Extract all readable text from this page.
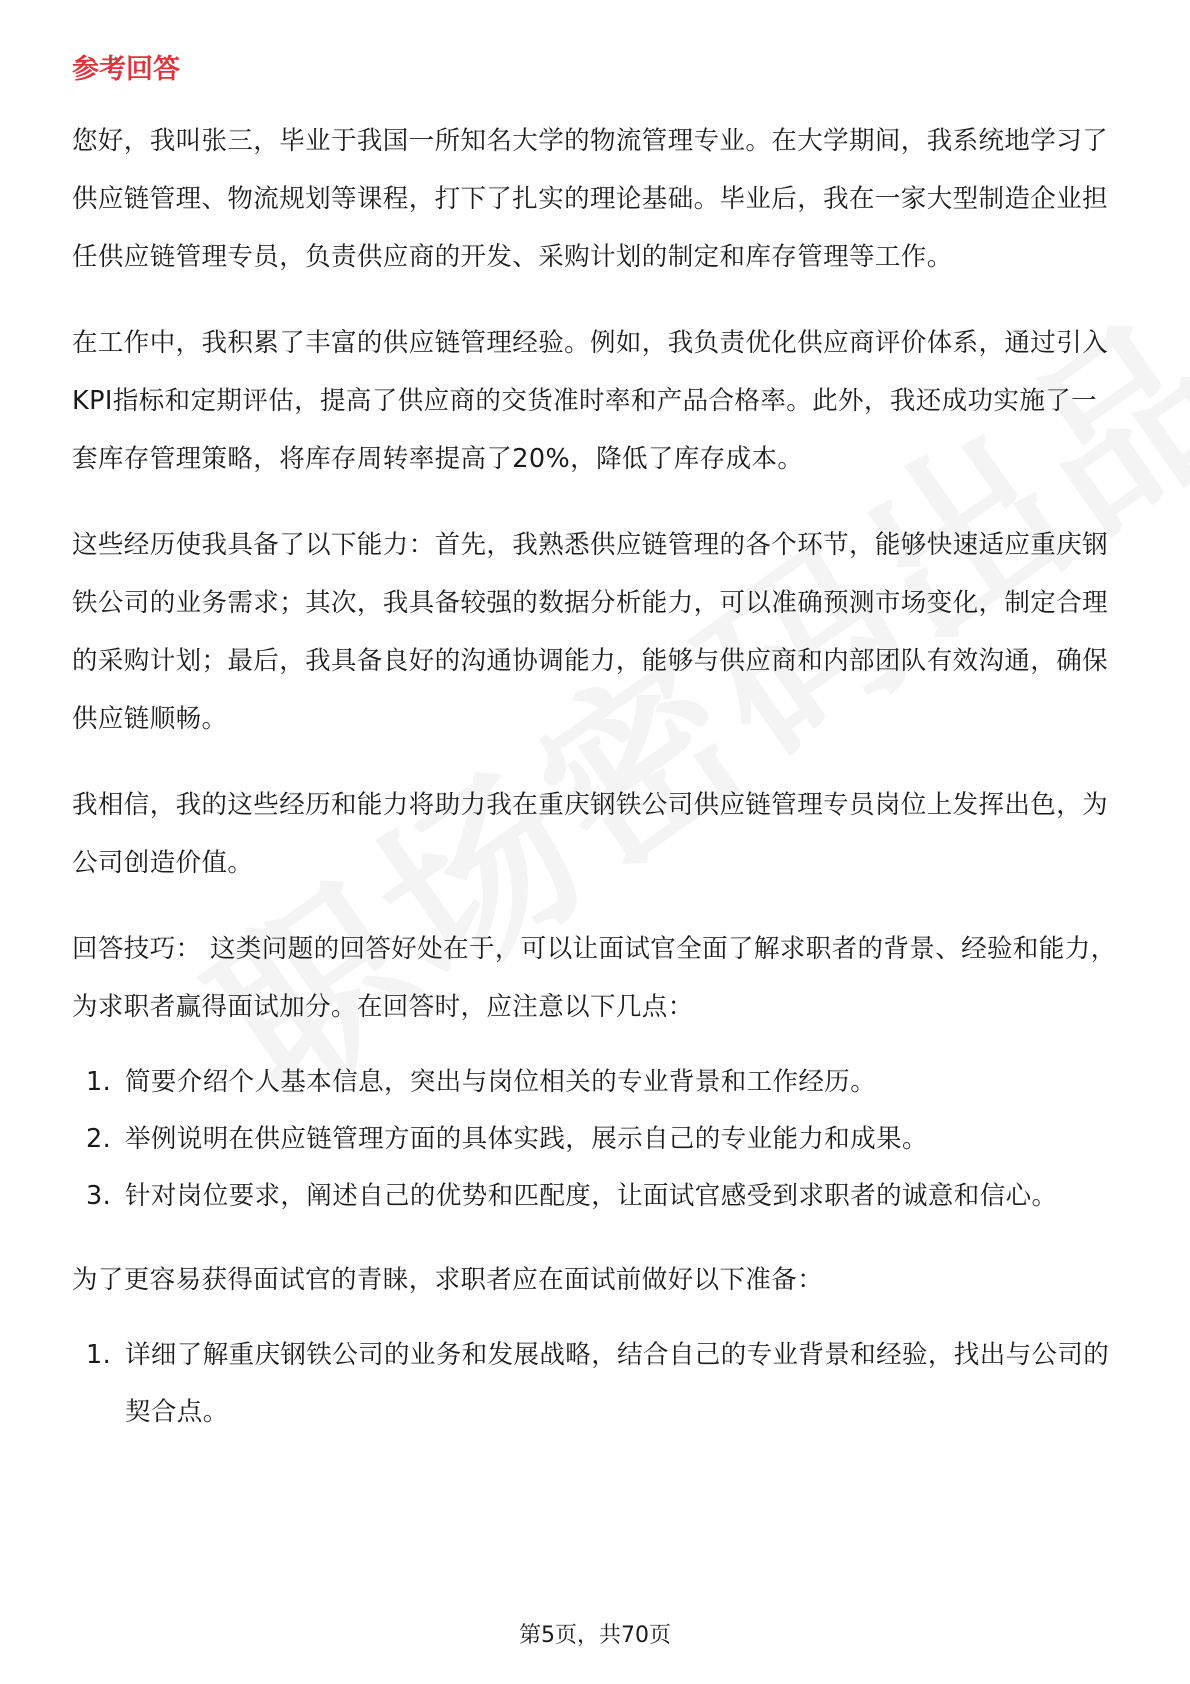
参考回答

您好，我叫张三，毕业于我国一所知名大学的物流管理专业。在大学期间，我系统地学习了供应链管理、物流规划等课程，打下了扎实的理论基础。毕业后，我在一家大型制造企业担任供应链管理专员，负责供应商的开发、采购计划的制定和库存管理等工作。

在工作中，我积累了丰富的供应链管理经验。例如，我负责优化供应商评价体系，通过引入KPI指标和定期评估，提高了供应商的交货准时率和产品合格率。此外，我还成功实施了一套库存管理策略，将库存周转率提高了20%，降低了库存成本。

这些经历使我具备了以下能力：首先，我熟悉供应链管理的各个环节，能够快速适应重庆钢铁公司的业务需求；其次，我具备较强的数据分析能力，可以准确预测市场变化，制定合理的采购计划；最后，我具备良好的沟通协调能力，能够与供应商和内部团队有效沟通，确保供应链顺畅。

我相信，我的这些经历和能力将助力我在重庆钢铁公司供应链管理专员岗位上发挥出色，为公司创造价值。

回答技巧： 这类问题的回答好处在于，可以让面试官全面了解求职者的背景、经验和能力，为求职者赢得面试加分。在回答时，应注意以下几点：

1. 简要介绍个人基本信息，突出与岗位相关的专业背景和工作经历。
2. 举例说明在供应链管理方面的具体实践，展示自己的专业能力和成果。
3. 针对岗位要求，阐述自己的优势和匹配度，让面试官感受到求职者的诚意和信心。

为了更容易获得面试官的青睐，求职者应在面试前做好以下准备：

1. 详细了解重庆钢铁公司的业务和发展战略，结合自己的专业背景和经验，找出与公司的契合点。
第5页，共70页
